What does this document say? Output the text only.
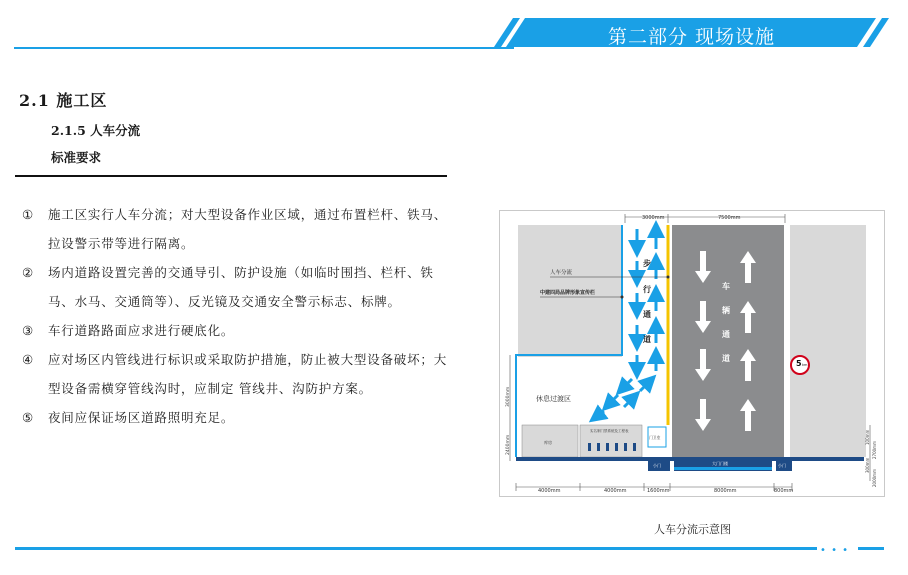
第二部分 现场设施
2.1 施工区
2.1.5 人车分流
标准要求
① 施工区实行人车分流；对大型设备作业区域，通过布置栏杆、铁马、拉设警示带等进行隔离。
② 场内道路设置完善的交通导引、防护设施（如临时围挡、栏杆、铁马、水马、交通筒等）、反光镜及交通安全警示标志、标牌。
③ 车行道路路面应求进行硬底化。
④ 应对场区内管线进行标识或采取防护措施，防止被大型设备破坏；大型设备需横穿管线沟时，应制定 管线井、沟防护方案。
⑤ 夜间应保证场区道路照明充足。
3000mm	7500mm
步
行
通
道
车
辆
通
道
5 km
人车分流
中建四局品牌形象宣传栏
休息过渡区
库房
实名制门禁系统及工程表
门卫室
小门	大门门楼	小门
4000mm	4000mm	1600mm	8000mm	800mm
3000mm
2400mm	100mm
2700mm
300mm
2000mm
人车分流示意图
• • •
